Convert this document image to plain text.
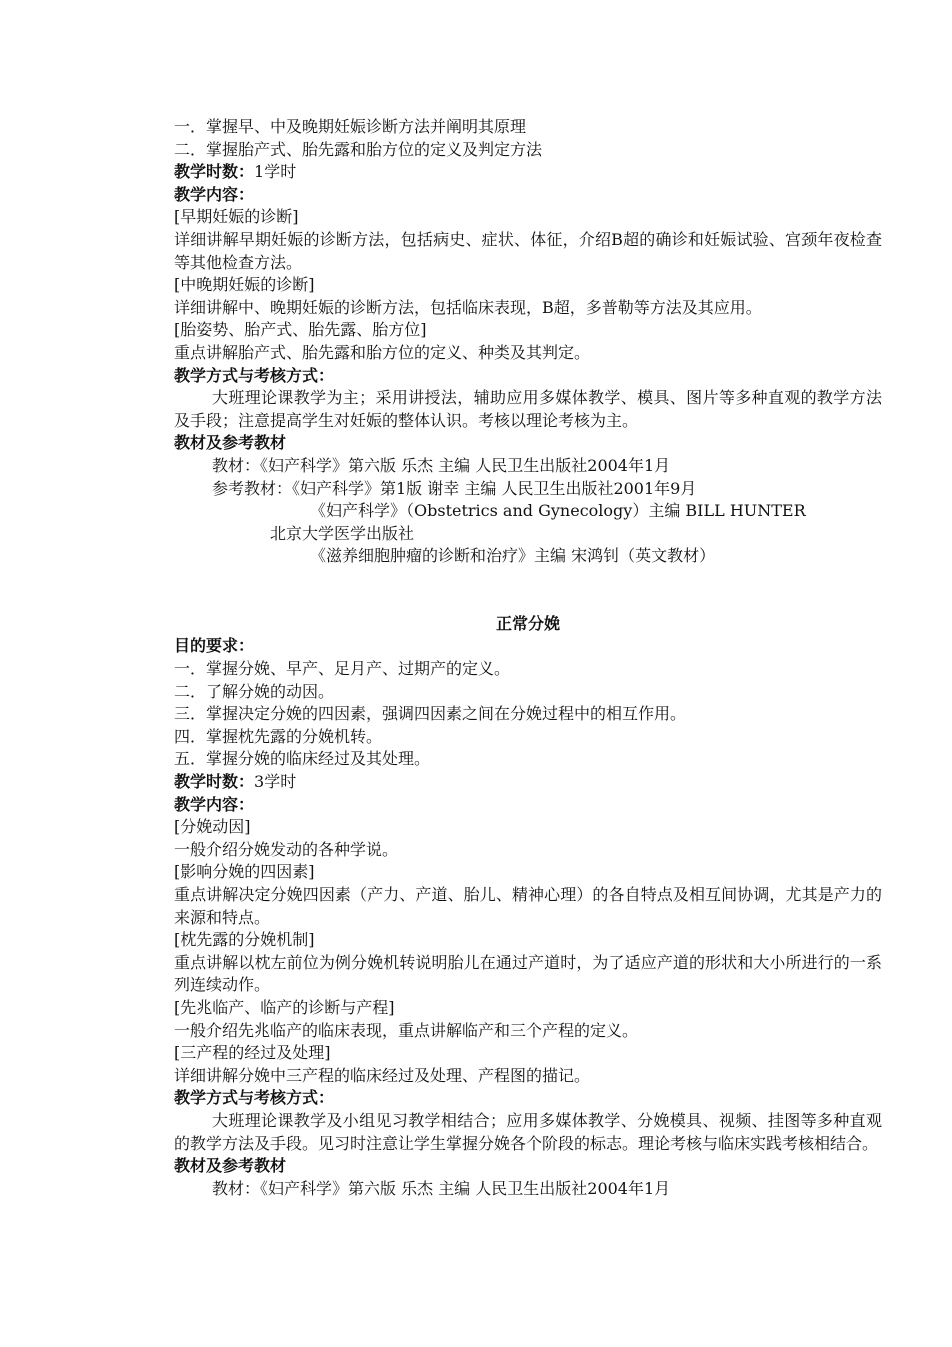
一．掌握早、中及晚期妊娠诊断方法并阐明其原理
二．掌握胎产式、胎先露和胎方位的定义及判定方法
教学时数：1学时
教学内容：
[早期妊娠的诊断]
详细讲解早期妊娠的诊断方法，包括病史、症状、体征，介绍B超的确诊和妊娠试验、宫颈年夜检查等其他检查方法。
[中晚期妊娠的诊断]
详细讲解中、晚期妊娠的诊断方法，包括临床表现，B超，多普勒等方法及其应用。
[胎姿势、胎产式、胎先露、胎方位]
重点讲解胎产式、胎先露和胎方位的定义、种类及其判定。
教学方式与考核方式：
大班理论课教学为主；采用讲授法，辅助应用多媒体教学、模具、图片等多种直观的教学方法及手段；注意提高学生对妊娠的整体认识。考核以理论考核为主。
教材及参考教材
教材：《妇产科学》第六版 乐杰 主编 人民卫生出版社2004年1月
参考教材：《妇产科学》第1版 谢幸 主编 人民卫生出版社2001年9月
《妇产科学》（Obstetrics and Gynecology）主编 BILL HUNTER
北京大学医学出版社
《滋养细胞肿瘤的诊断和治疗》主编 宋鸿钊（英文教材）
正常分娩
目的要求：
一．掌握分娩、早产、足月产、过期产的定义。
二．了解分娩的动因。
三．掌握决定分娩的四因素，强调四因素之间在分娩过程中的相互作用。
四．掌握枕先露的分娩机转。
五．掌握分娩的临床经过及其处理。
教学时数：3学时
教学内容：
[分娩动因]
一般介绍分娩发动的各种学说。
[影响分娩的四因素]
重点讲解决定分娩四因素（产力、产道、胎儿、精神心理）的各自特点及相互间协调，尤其是产力的来源和特点。
[枕先露的分娩机制]
重点讲解以枕左前位为例分娩机转说明胎儿在通过产道时，为了适应产道的形状和大小所进行的一系列连续动作。
[先兆临产、临产的诊断与产程]
一般介绍先兆临产的临床表现，重点讲解临产和三个产程的定义。
[三产程的经过及处理]
详细讲解分娩中三产程的临床经过及处理、产程图的描记。
教学方式与考核方式：
大班理论课教学及小组见习教学相结合；应用多媒体教学、分娩模具、视频、挂图等多种直观的教学方法及手段。见习时注意让学生掌握分娩各个阶段的标志。理论考核与临床实践考核相结合。
教材及参考教材
教材：《妇产科学》第六版 乐杰 主编 人民卫生出版社2004年1月
